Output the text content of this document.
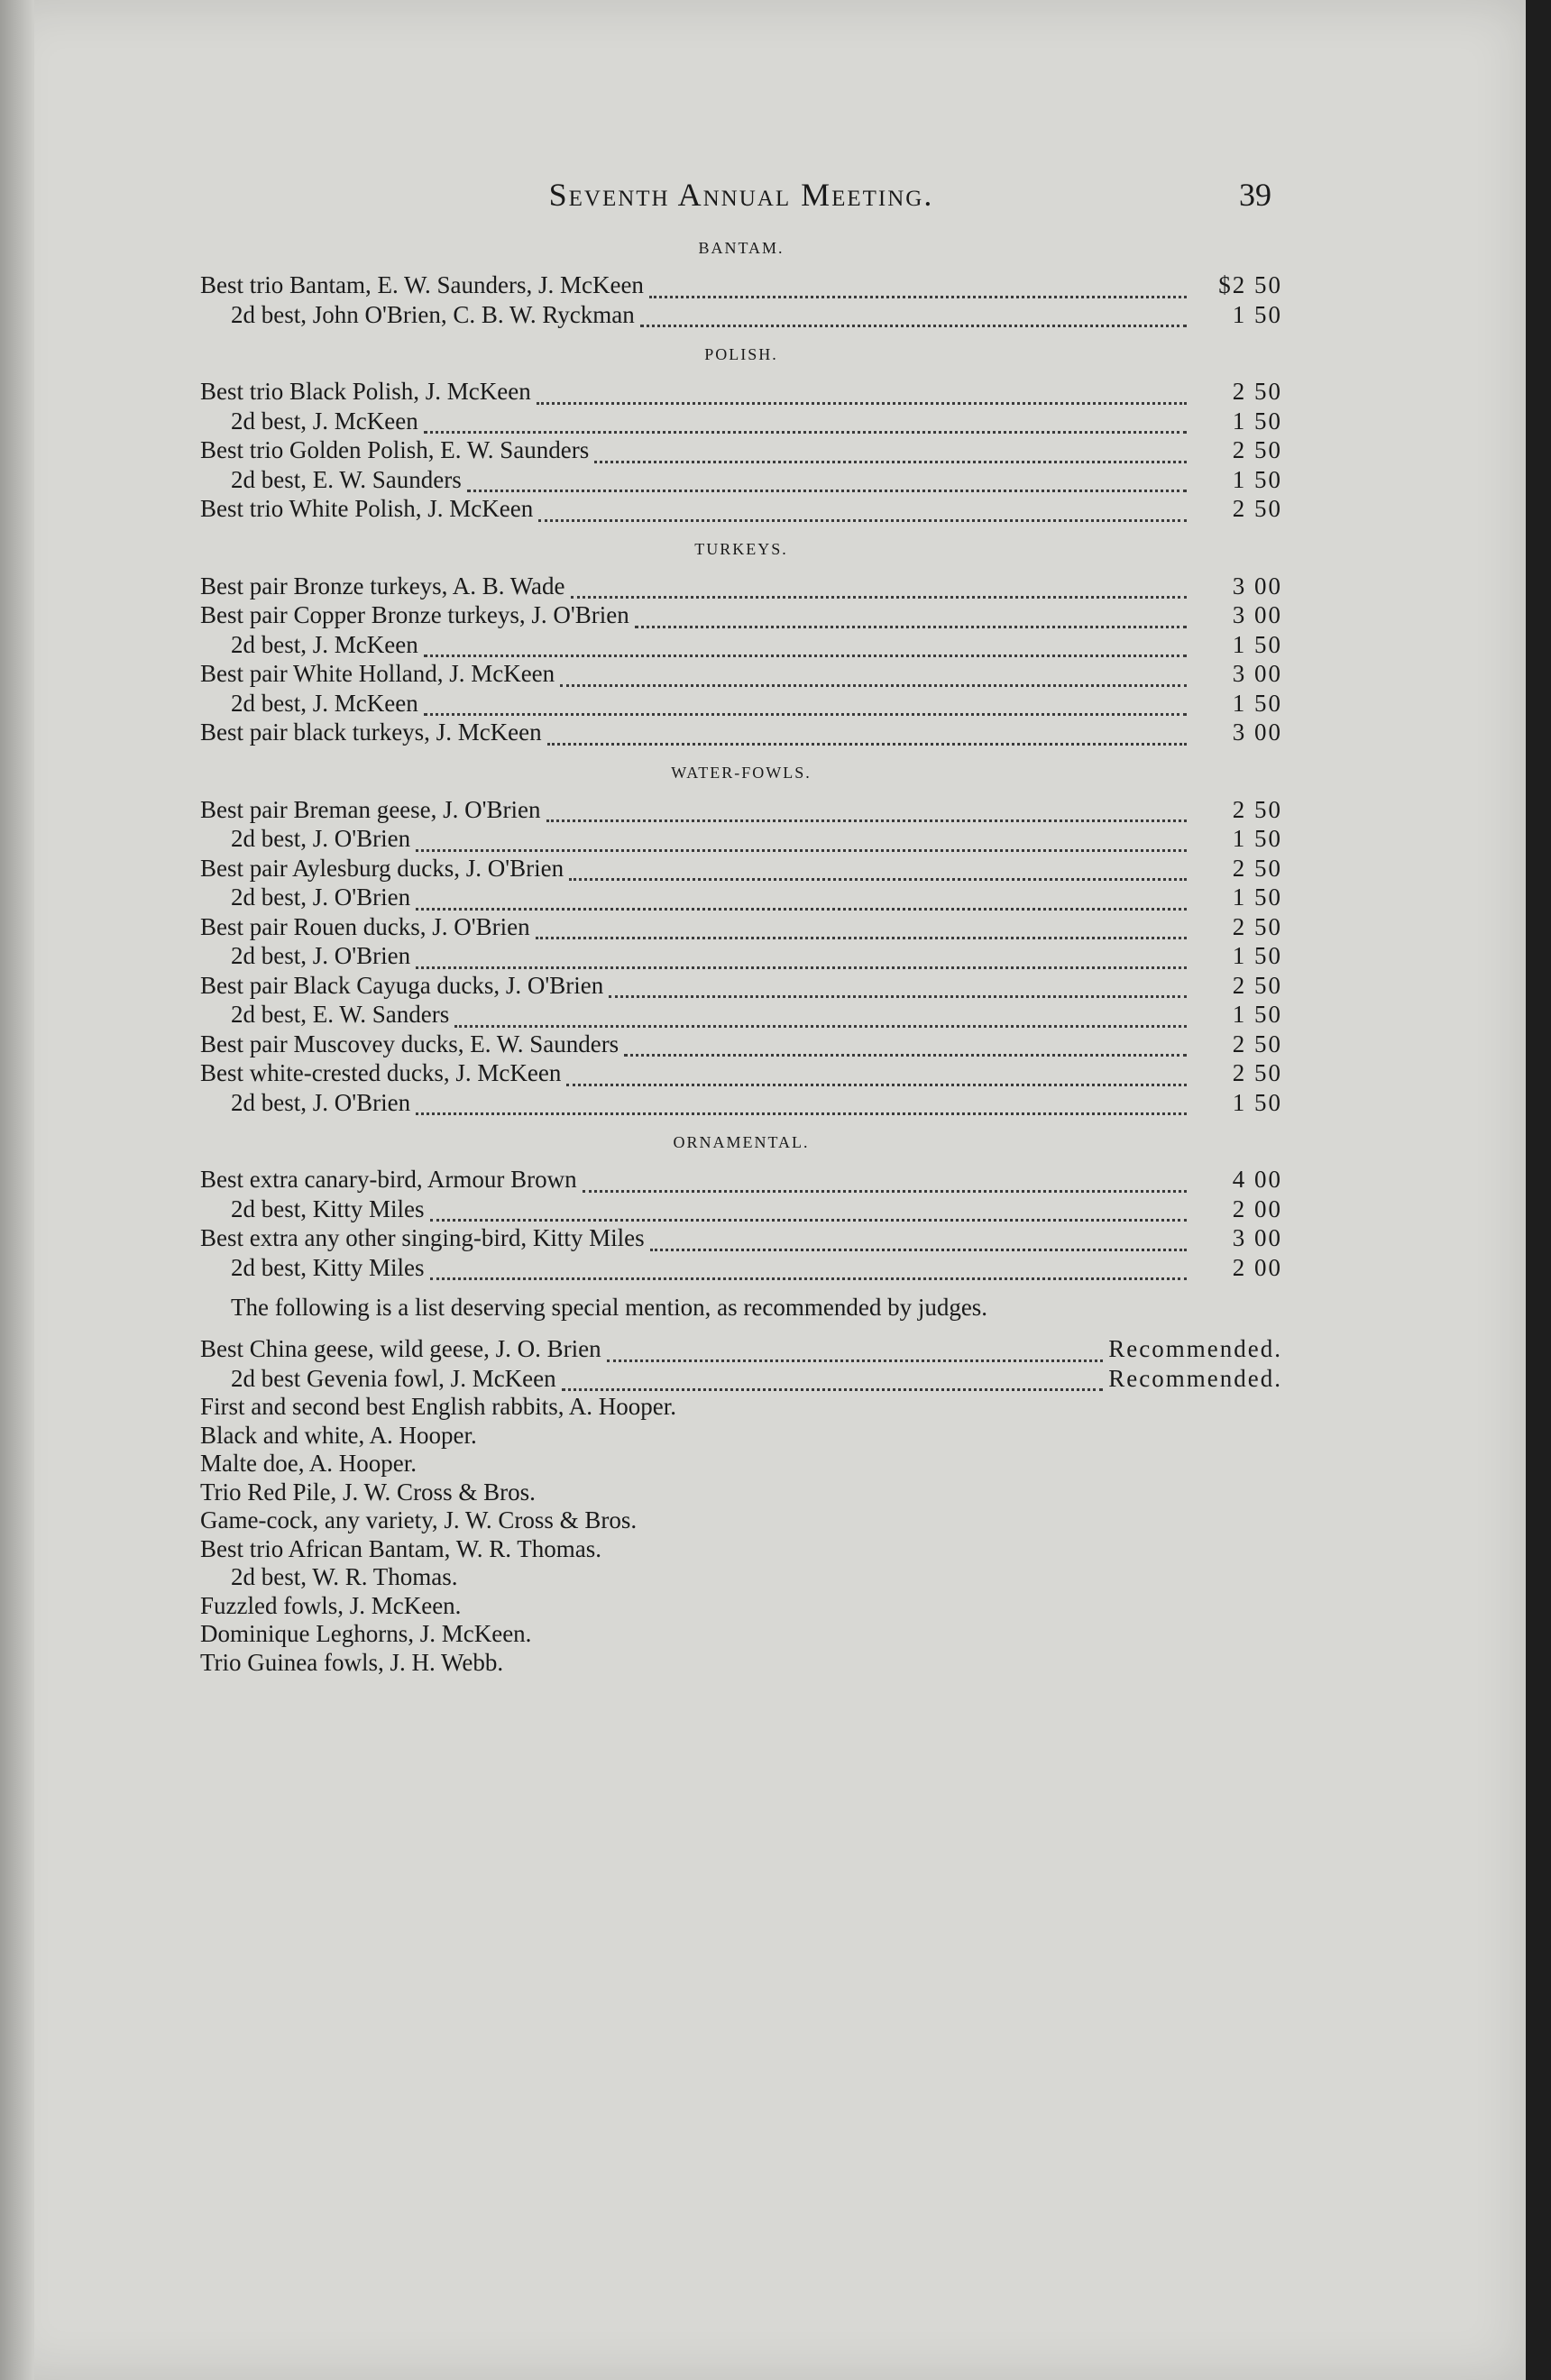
Seventh Annual Meeting.	39
BANTAM.
Best trio Bantam, E. W. Saunders, J. McKeen	$2 50
2d best, John O'Brien, C. B. W. Ryckman	1 50
POLISH.
Best trio Black Polish, J. McKeen	2 50
2d best, J. McKeen	1 50
Best trio Golden Polish, E. W. Saunders	2 50
2d best, E. W. Saunders	1 50
Best trio White Polish, J. McKeen	2 50
TURKEYS.
Best pair Bronze turkeys, A. B. Wade	3 00
Best pair Copper Bronze turkeys, J. O'Brien	3 00
2d best, J. McKeen	1 50
Best pair White Holland, J. McKeen	3 00
2d best, J. McKeen	1 50
Best pair black turkeys, J. McKeen	3 00
WATER-FOWLS.
Best pair Breman geese, J. O'Brien	2 50
2d best, J. O'Brien	1 50
Best pair Aylesburg ducks, J. O'Brien	2 50
2d best, J. O'Brien	1 50
Best pair Rouen ducks, J. O'Brien	2 50
2d best, J. O'Brien	1 50
Best pair Black Cayuga ducks, J. O'Brien	2 50
2d best, E. W. Sanders	1 50
Best pair Muscovey ducks, E. W. Saunders	2 50
Best white-crested ducks, J. McKeen	2 50
2d best, J. O'Brien	1 50
ORNAMENTAL.
Best extra canary-bird, Armour Brown	4 00
2d best, Kitty Miles	2 00
Best extra any other singing-bird, Kitty Miles	3 00
2d best, Kitty Miles	2 00
The following is a list deserving special mention, as recommended by judges.
Best China geese, wild geese, J. O. Brien	Recommended.
2d best Gevenia fowl, J. McKeen	Recommended.
First and second best English rabbits, A. Hooper.
Black and white, A. Hooper.
Malte doe, A. Hooper.
Trio Red Pile, J. W. Cross & Bros.
Game-cock, any variety, J. W. Cross & Bros.
Best trio African Bantam, W. R. Thomas.
2d best, W. R. Thomas.
Fuzzled fowls, J. McKeen.
Dominique Leghorns, J. McKeen.
Trio Guinea fowls, J. H. Webb.
